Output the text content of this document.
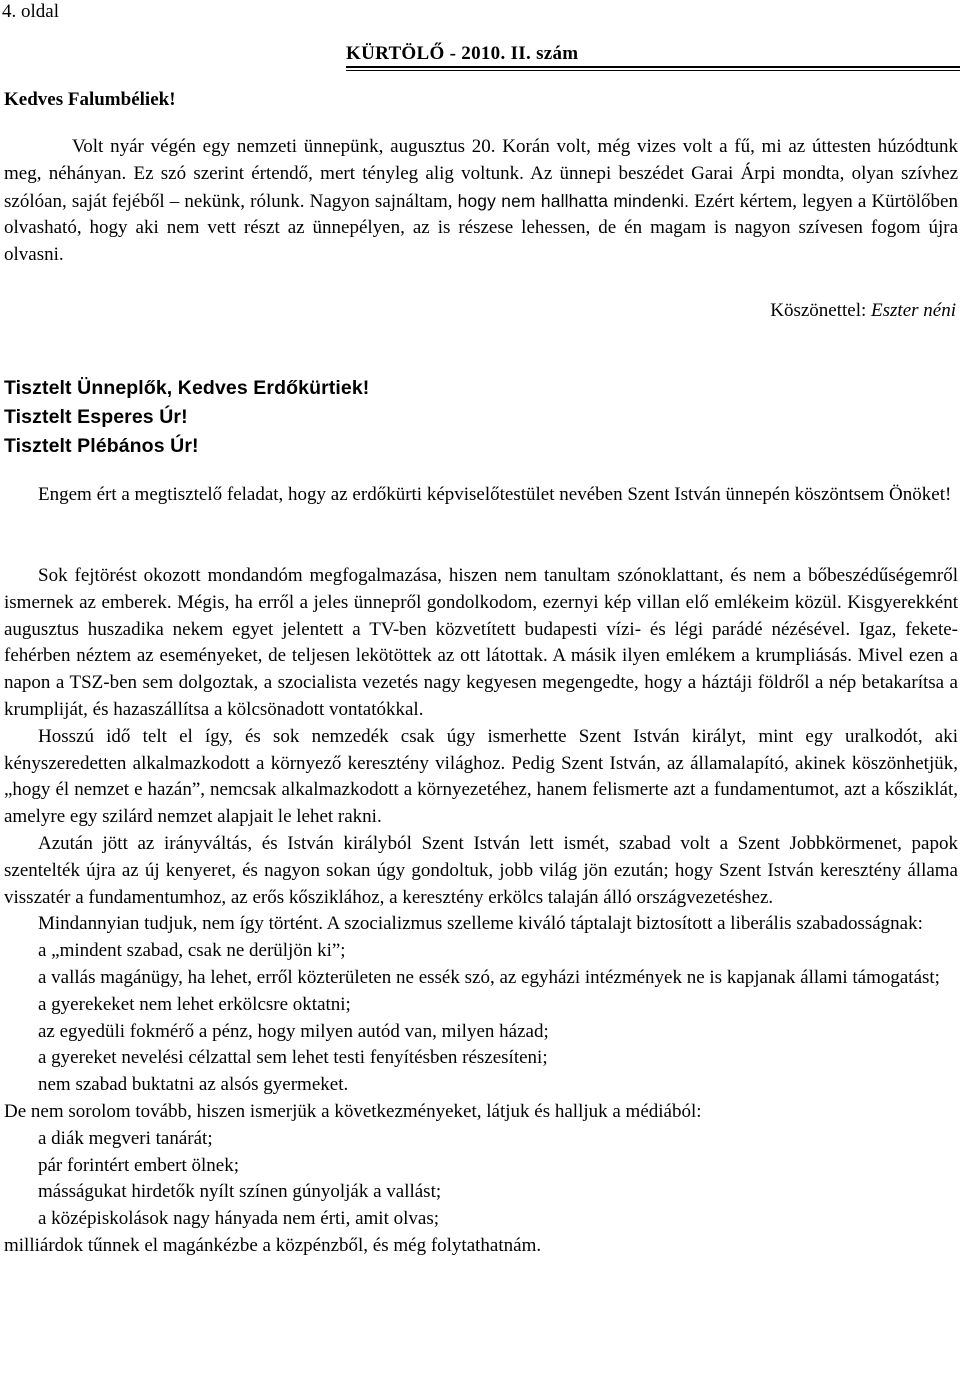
4. oldal
KÜRTÖLŐ - 2010. II. szám
Kedves Falumbéliek!

Volt nyár végén egy nemzeti ünnepünk, augusztus 20. Korán volt, még vizes volt a fű, mi az úttesten húzódtunk meg, néhányan. Ez szó szerint értendő, mert tényleg alig voltunk. Az ünnepi beszédet Garai Árpi mondta, olyan szívhez szólóan, saját fejéből – nekünk, rólunk. Nagyon sajnáltam, hogy nem hallhatta mindenki. Ezért kértem, legyen a Kürtölőben olvasható, hogy aki nem vett részt az ünnepélyen, az is részese lehessen, de én magam is nagyon szívesen fogom újra olvasni.

Köszönettel: Eszter néni
Tisztelt Ünneplők, Kedves Erdőkürtiek!
Tisztelt Esperes Úr!
Tisztelt Plébános Úr!

Engem ért a megtisztelő feladat, hogy az erdőkürti képviselőtestület nevében Szent István ünnepén köszöntsem Önöket!

Sok fejtörést okozott mondandóm megfogalmazása, hiszen nem tanultam szónoklattant, és nem a bőbeszédűségemről ismernek az emberek. Mégis, ha erről a jeles ünnepről gondolkodom, ezernyi kép villan elő emlékeim közül. Kisgyerekként augusztus huszadika nekem egyet jelentett a TV-ben közvetített budapesti vízi- és légi parádé nézésével. Igaz, fekete-fehérben néztem az eseményeket, de teljesen lekötöttek az ott látottak. A másik ilyen emlékem a krumpliásás. Mivel ezen a napon a TSZ-ben sem dolgoztak, a szocialista vezetés nagy kegyesen megengedte, hogy a háztáji földről a nép betakarítsa a krumpliját, és hazaszállítsa a kölcsönadott vontatókkal.

Hosszú idő telt el így, és sok nemzedék csak úgy ismerhette Szent István királyt, mint egy uralkodót, aki kényszeredetten alkalmazkodott a környező keresztény világhoz. Pedig Szent István, az államalapító, akinek köszönhetjük, „hogy él nemzet e hazán”, nemcsak alkalmazkodott a környezetéhez, hanem felismerte azt a fundamentumot, azt a kősziklát, amelyre egy szilárd nemzet alapjait le lehet rakni.

Azután jött az irányváltás, és István királyból Szent István lett ismét, szabad volt a Szent Jobbkörmenet, papok szentelték újra az új kenyeret, és nagyon sokan úgy gondoltuk, jobb világ jön ezután; hogy Szent István keresztény állama visszatér a fundamentumhoz, az erős kősziklához, a keresztény erkölcs talaján álló országvezetéshez.

Mindannyian tudjuk, nem így történt. A szocializmus szelleme kiváló táptalajt biztosított a liberális szabadosságnak:

a „mindent szabad, csak ne derüljön ki”;
a vallás magánügy, ha lehet, erről közterületen ne essék szó, az egyházi intézmények ne is kapjanak állami támogatást;
a gyerekeket nem lehet erkölcsre oktatni;
az egyedüli fokmérő a pénz, hogy milyen autód van, milyen házad;
a gyereket nevelési célzattal sem lehet testi fenyítésben részesíteni;
nem szabad buktatni az alsós gyermeket.

De nem sorolom tovább, hiszen ismerjük a következményeket, látjuk és halljuk a médiából:

a diák megveri tanárát;
pár forintért embert ölnek;
másságukat hirdetők nyílt színen gúnyolják a vallást;
a középiskolások nagy hányada nem érti, amit olvas;

milliárdok tűnnek el magánkézbe a közpénzből, és még folytathatnám.
